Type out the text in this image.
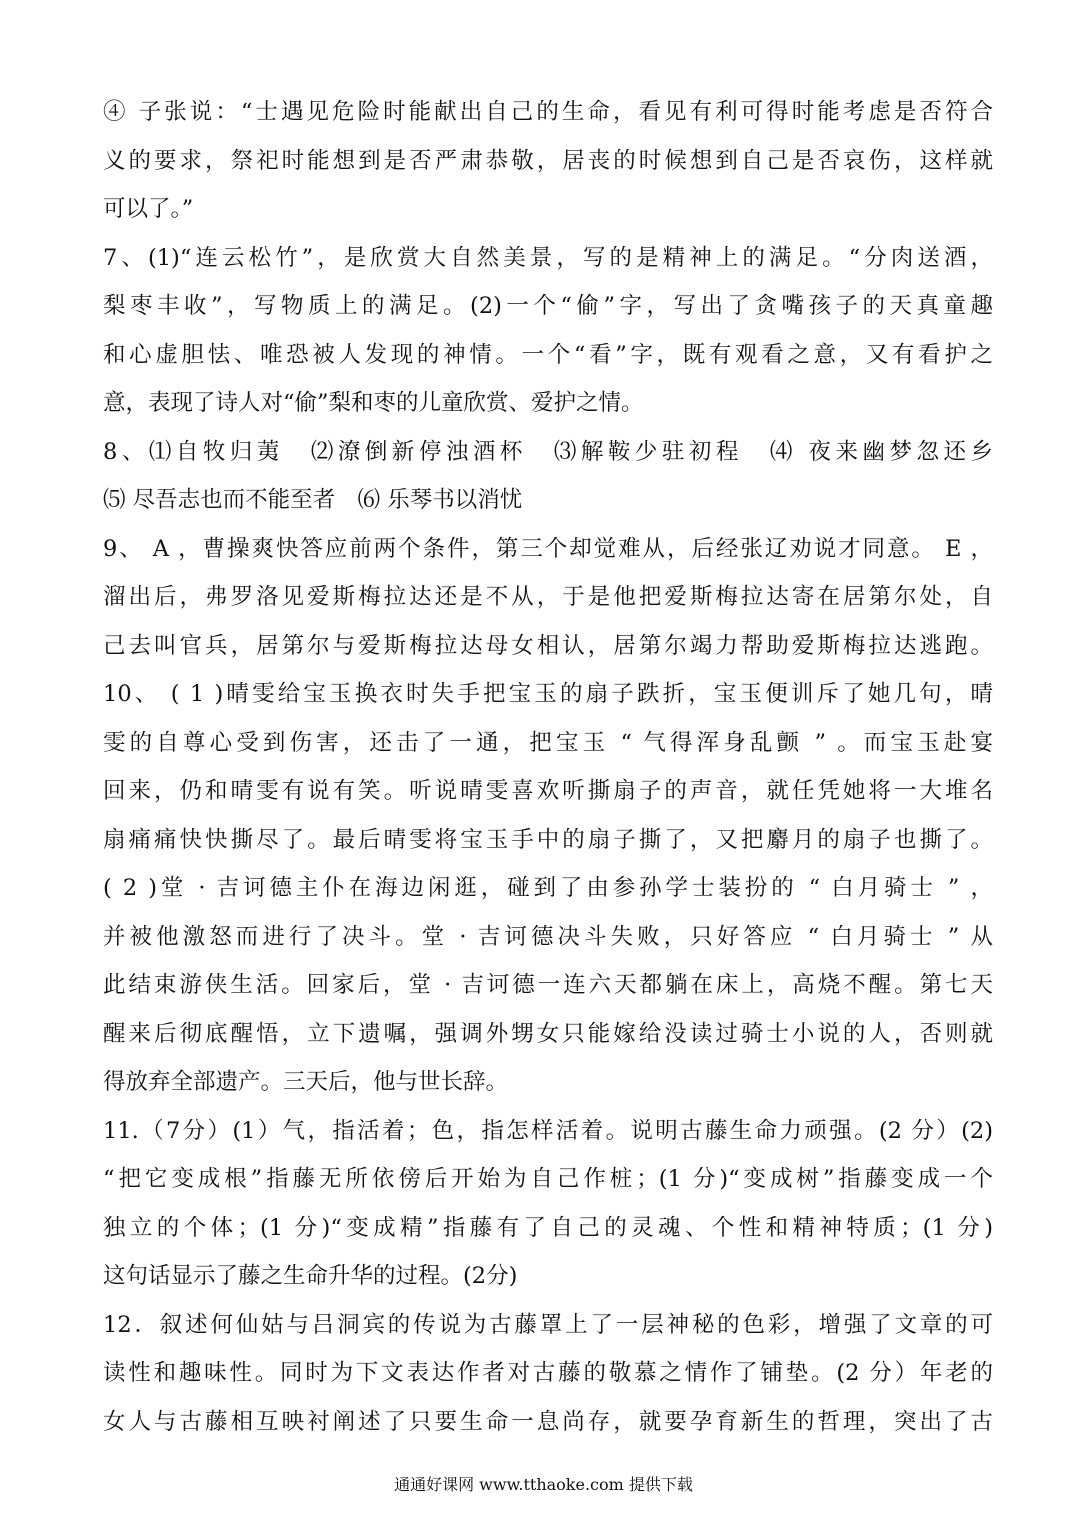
④ 子张说：“士遇见危险时能献出自己的生命，看见有利可得时能考虑是否符合
义的要求，祭祀时能想到是否严肃恭敬，居丧的时候想到自己是否哀伤，这样就
可以了。”
7、(1)“连云松竹”，是欣赏大自然美景，写的是精神上的满足。“分肉送酒，
梨枣丰收”，写物质上的满足。(2)一个“偷”字，写出了贪嘴孩子的天真童趣
和心虚胆怯、唯恐被人发现的神情。一个“看”字，既有观看之意，又有看护之
意，表现了诗人对“偷”梨和枣的儿童欣赏、爱护之情。
8、⑴自牧归荑　⑵潦倒新停浊酒杯　⑶解鞍少驻初程　⑷ 夜来幽梦忽还乡
⑸ 尽吾志也而不能至者　⑹ 乐琴书以消忧
9、 A ，曹操爽快答应前两个条件，第三个却觉难从，后经张辽劝说才同意。 E ，
溜出后，弗罗洛见爱斯梅拉达还是不从，于是他把爱斯梅拉达寄在居第尔处，自
己去叫官兵，居第尔与爱斯梅拉达母女相认，居第尔竭力帮助爱斯梅拉达逃跑。
10、 ( 1 )晴雯给宝玉换衣时失手把宝玉的扇子跌折，宝玉便训斥了她几句，晴
雯的自尊心受到伤害，还击了一通，把宝玉 “ 气得浑身乱颤 ” 。而宝玉赴宴
回来，仍和晴雯有说有笑。听说晴雯喜欢听撕扇子的声音，就任凭她将一大堆名
扇痛痛快快撕尽了。最后晴雯将宝玉手中的扇子撕了，又把麝月的扇子也撕了。
( 2 )堂 · 吉诃德主仆在海边闲逛，碰到了由参孙学士装扮的 “ 白月骑士 ” ，
并被他激怒而进行了决斗。堂 · 吉诃德决斗失败，只好答应 “ 白月骑士 ” 从
此结束游侠生活。回家后，堂 · 吉诃德一连六天都躺在床上，高烧不醒。第七天
醒来后彻底醒悟，立下遗嘱，强调外甥女只能嫁给没读过骑士小说的人，否则就
得放弃全部遗产。三天后，他与世长辞。
11.（7分）(1）气，指活着；色，指怎样活着。说明古藤生命力顽强。(2 分）(2)
“把它变成根”指藤无所依傍后开始为自己作桩；(1 分)“变成树”指藤变成一个
独立的个体；(1 分)“变成精”指藤有了自己的灵魂、个性和精神特质；(1 分)
这句话显示了藤之生命升华的过程。(2分)
12．叙述何仙姑与吕洞宾的传说为古藤罩上了一层神秘的色彩，增强了文章的可
读性和趣味性。同时为下文表达作者对古藤的敬慕之情作了铺垫。(2 分）年老的
女人与古藤相互映衬阐述了只要生命一息尚存，就要孕育新生的哲理，突出了古
通通好课网 www.tthaoke.com 提供下载
